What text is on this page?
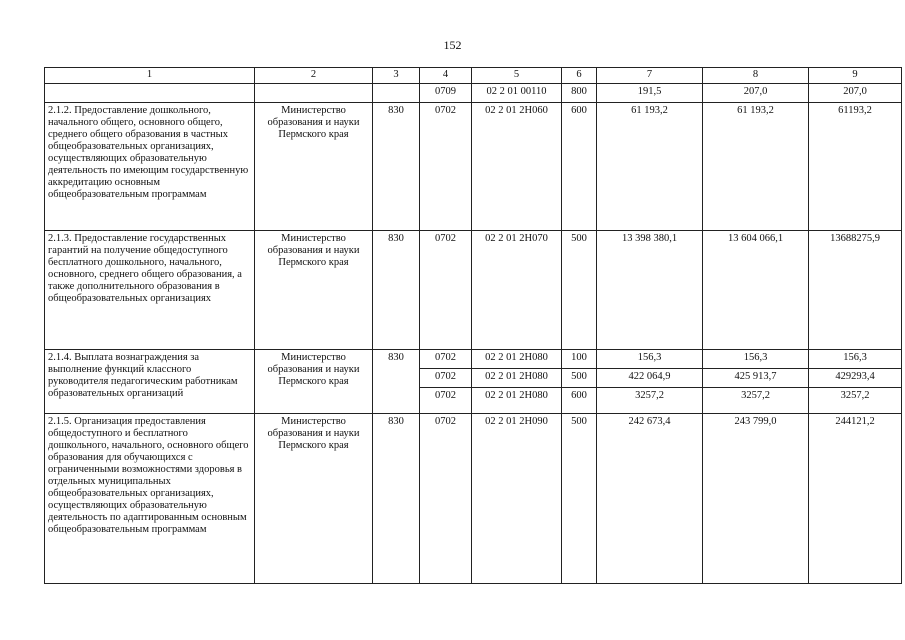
152
1	2	3	4	5	6	7	8	9
			0709	02 2 01 00110	800	191,5	207,0	207,0
2.1.2. Предоставление дошкольного, начального общего, основного общего, среднего общего образования в частных общеобразовательных организациях, осуществляющих образовательную деятельность по имеющим государственную аккредитацию основным общеобразовательным программам	Министерство образования и науки Пермского края	830	0702	02 2 01 2Н060	600	61 193,2	61 193,2	61193,2
2.1.3. Предоставление государственных гарантий на получение общедоступного бесплатного дошкольного, начального, основного, среднего общего образования, а также дополнительного образования в общеобразовательных организациях	Министерство образования и науки Пермского края	830	0702	02 2 01 2Н070	500	13 398 380,1	13 604 066,1	13688275,9
2.1.4. Выплата вознаграждения за выполнение функций классного руководителя педагогическим работникам образовательных организаций	Министерство образования и науки Пермского края	830	0702	02 2 01 2Н080	100	156,3	156,3	156,3
			0702	02 2 01 2Н080	500	422 064,9	425 913,7	429293,4
			0702	02 2 01 2Н080	600	3257,2	3257,2	3257,2
2.1.5. Организация предоставления общедоступного и бесплатного дошкольного, начального, основного общего образования для обучающихся с ограниченными возможностями здоровья в отдельных муниципальных общеобразовательных организациях, осуществляющих образовательную деятельность по адаптированным основным общеобразовательным программам	Министерство образования и науки Пермского края	830	0702	02 2 01 2Н090	500	242 673,4	243 799,0	244121,2
